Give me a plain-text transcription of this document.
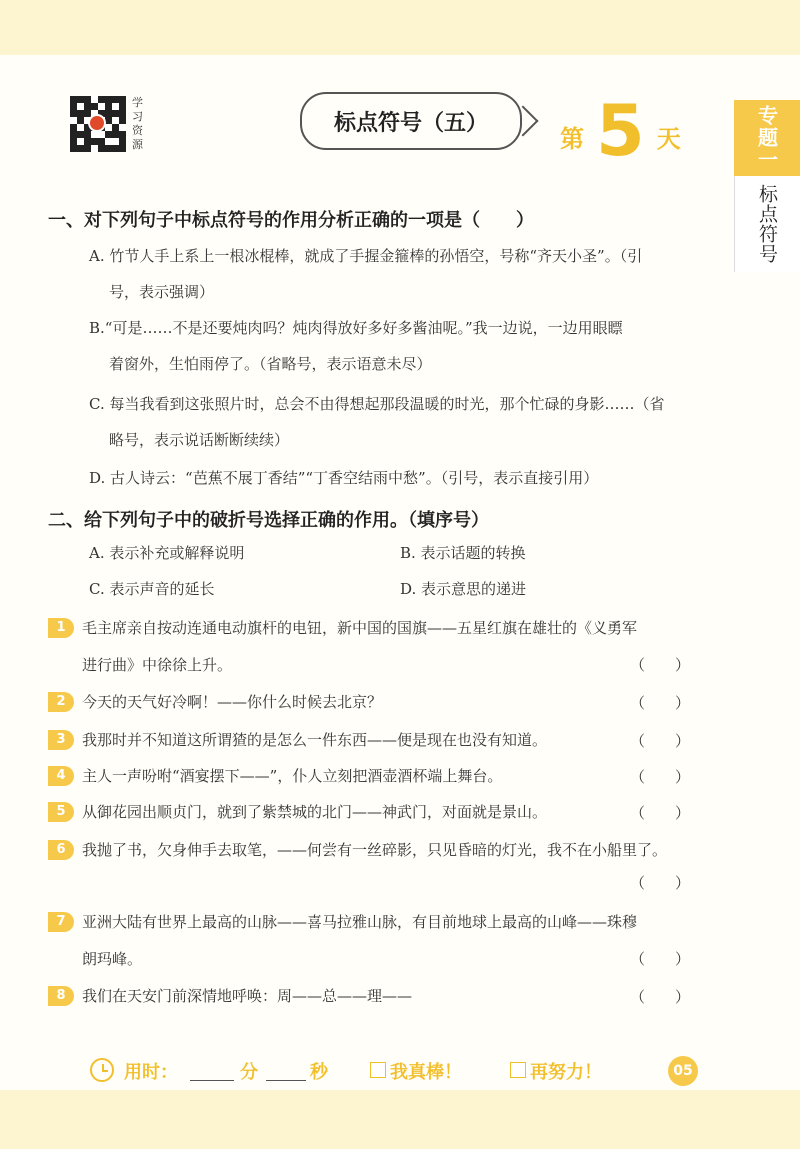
学习资源
标点符号（五）
第 5 天	专题一
标点符号
一、对下列句子中标点符号的作用分析正确的一项是（　　）
A. 竹节人手上系上一根冰棍棒，就成了手握金箍棒的孙悟空，号称“齐天小圣”。（引
号，表示强调）
B.“可是……不是还要炖肉吗？炖肉得放好多好多酱油呢。”我一边说，一边用眼瞟
着窗外，生怕雨停了。（省略号，表示语意未尽）
C. 每当我看到这张照片时，总会不由得想起那段温暖的时光，那个忙碌的身影……（省
略号，表示说话断断续续）
D. 古人诗云：“芭蕉不展丁香结”“丁香空结雨中愁”。（引号，表示直接引用）
二、给下列句子中的破折号选择正确的作用。（填序号）
A. 表示补充或解释说明	B. 表示话题的转换
C. 表示声音的延长	D. 表示意思的递进
1	毛主席亲自按动连通电动旗杆的电钮，新中国的国旗——五星红旗在雄壮的《义勇军
进行曲》中徐徐上升。	（　　）
2	今天的天气好冷啊！——你什么时候去北京？	（　　）
3	我那时并不知道这所谓猹的是怎么一件东西——便是现在也没有知道。	（　　）
4	主人一声吩咐“酒宴摆下——”，仆人立刻把酒壶酒杯端上舞台。	（　　）
5	从御花园出顺贞门，就到了紫禁城的北门——神武门，对面就是景山。	（　　）
6	我抛了书，欠身伸手去取笔，——何尝有一丝碎影，只见昏暗的灯光，我不在小船里了。
（　　）
7	亚洲大陆有世界上最高的山脉——喜马拉雅山脉，有目前地球上最高的山峰——珠穆
朗玛峰。	（　　）
8	我们在天安门前深情地呼唤：周——总——理——	（　　）
用时：	分	秒	我真棒！	再努力！	05
